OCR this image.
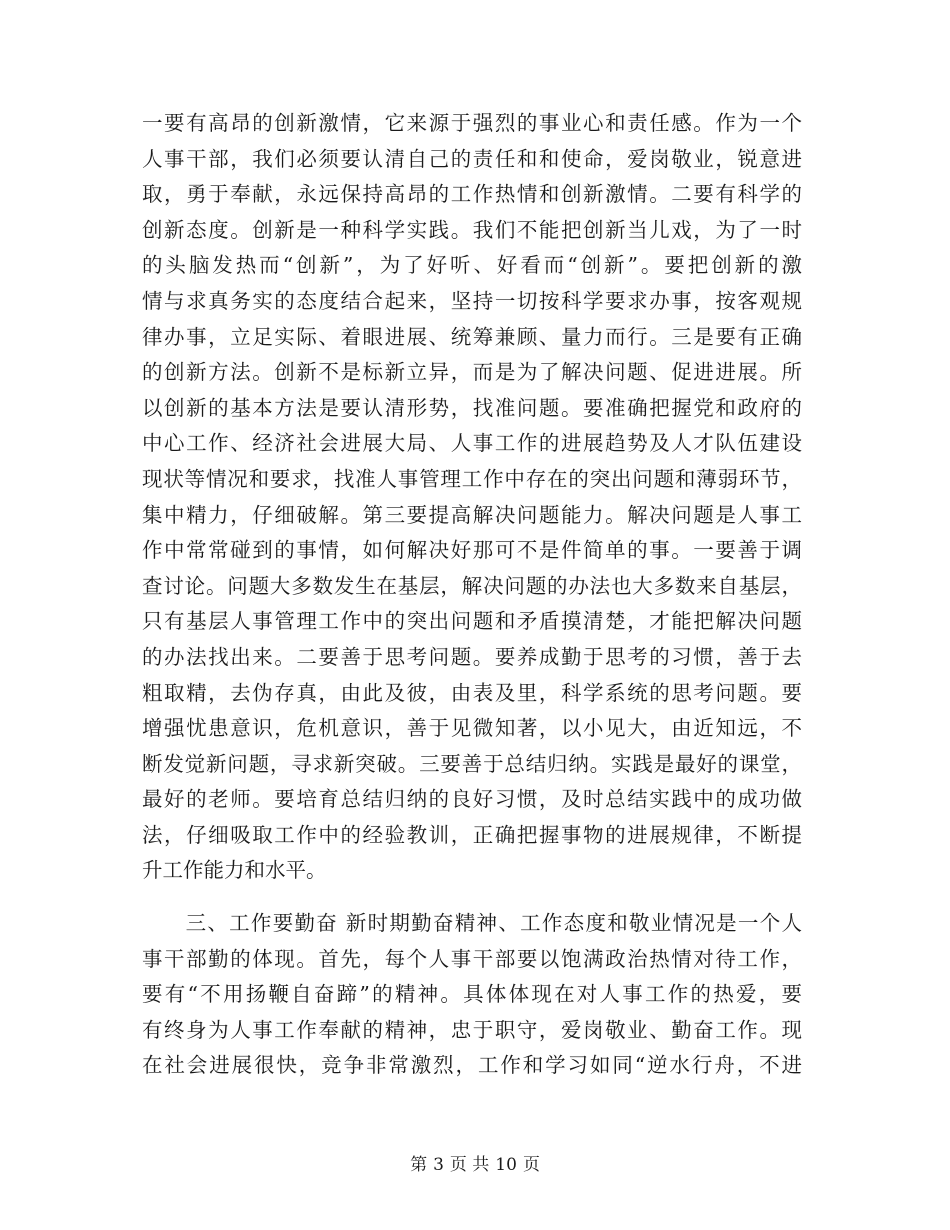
一要有高昂的创新激情，它来源于强烈的事业心和责任感。作为一个
人事干部，我们必须要认清自己的责任和和使命，爱岗敬业，锐意进
取，勇于奉献，永远保持高昂的工作热情和创新激情。二要有科学的
创新态度。创新是一种科学实践。我们不能把创新当儿戏，为了一时
的头脑发热而“创新”，为了好听、好看而“创新”。要把创新的激
情与求真务实的态度结合起来，坚持一切按科学要求办事，按客观规
律办事，立足实际、着眼进展、统筹兼顾、量力而行。三是要有正确
的创新方法。创新不是标新立异，而是为了解决问题、促进进展。所
以创新的基本方法是要认清形势，找准问题。要准确把握党和政府的
中心工作、经济社会进展大局、人事工作的进展趋势及人才队伍建设
现状等情况和要求，找准人事管理工作中存在的突出问题和薄弱环节，
集中精力，仔细破解。第三要提高解决问题能力。解决问题是人事工
作中常常碰到的事情，如何解决好那可不是件简单的事。一要善于调
查讨论。问题大多数发生在基层，解决问题的办法也大多数来自基层，
只有基层人事管理工作中的突出问题和矛盾摸清楚，才能把解决问题
的办法找出来。二要善于思考问题。要养成勤于思考的习惯，善于去
粗取精，去伪存真，由此及彼，由表及里，科学系统的思考问题。要
增强忧患意识，危机意识，善于见微知著，以小见大，由近知远，不
断发觉新问题，寻求新突破。三要善于总结归纳。实践是最好的课堂，
最好的老师。要培育总结归纳的良好习惯，及时总结实践中的成功做
法，仔细吸取工作中的经验教训，正确把握事物的进展规律，不断提
升工作能力和水平。
　　三、工作要勤奋 新时期勤奋精神、工作态度和敬业情况是一个人
事干部勤的体现。首先，每个人事干部要以饱满政治热情对待工作，
要有“不用扬鞭自奋蹄”的精神。具体体现在对人事工作的热爱，要
有终身为人事工作奉献的精神，忠于职守，爱岗敬业、勤奋工作。现
在社会进展很快，竞争非常激烈，工作和学习如同“逆水行舟，不进
第 3 页 共 10 页
